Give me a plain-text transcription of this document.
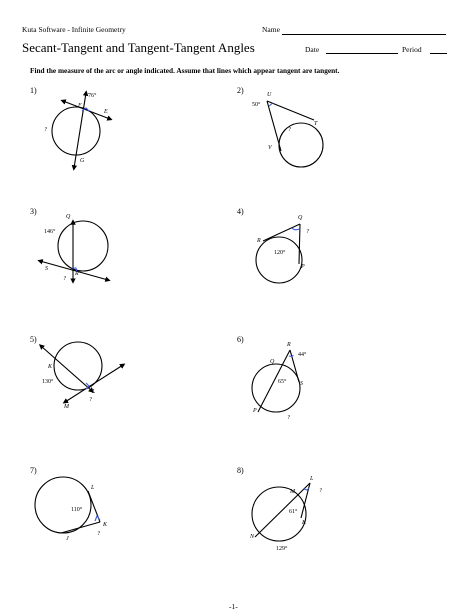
Kuta Software - Infinite Geometry	Name
Secant-Tangent and Tangent-Tangent Angles	Date	Period
Find the measure of the arc or angle indicated. Assume that lines which appear tangent are tangent.
1)	2)
3)	4)
5)	6)
7)	8)
76°
F
E
G
?
50°
U
T
V
?
146°
Q
S
R
?
Q
?
R
P
120°
K
L
M
?
130°
R
44°
Q
65° S
P
?
L
110°
K
J
?
L
?
M
61°
K
N
129°
-1-
